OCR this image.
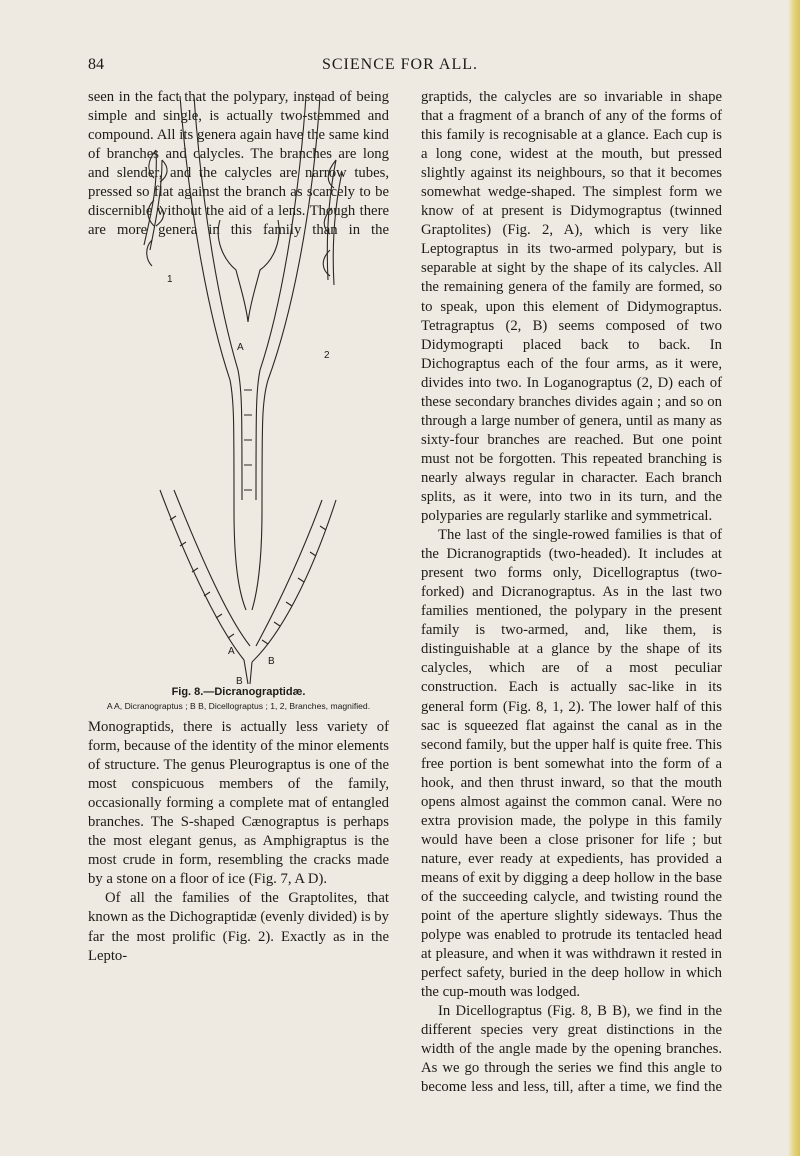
84	SCIENCE FOR ALL.

seen in the fact that the polypary, instead of being simple and single, is actually two-stemmed and compound. All its genera again have the same kind of branches and calycles. The branches are long and slender, and the calycles are narrow tubes, pressed so flat against the branch as scarcely to be discernible without the aid of a lens. Though there are more genera in this family than in the

1
2
A
A
B
B
Fig. 8.—Dicranograptidæ.
A A, Dicranograptus ; B B, Dicellograptus ; 1, 2, Branches, magnified.

Monograptids, there is actually less variety of form, because of the identity of the minor elements of structure. The genus Pleurograptus is one of the most conspicuous members of the family, occasionally forming a complete mat of entangled branches. The S-shaped Cænograptus is perhaps the most elegant genus, as Amphigraptus is the most crude in form, resembling the cracks made by a stone on a floor of ice (Fig. 7, A D).

Of all the families of the Graptolites, that known as the Dichograptidæ (evenly divided) is by far the most prolific (Fig. 2). Exactly as in the Lepto-

graptids, the calycles are so invariable in shape that a fragment of a branch of any of the forms of this family is recognisable at a glance. Each cup is a long cone, widest at the mouth, but pressed slightly against its neighbours, so that it becomes somewhat wedge-shaped. The simplest form we know of at present is Didymograptus (twinned Graptolites) (Fig. 2, A), which is very like Leptograptus in its two-armed polypary, but is separable at sight by the shape of its calycles. All the remaining genera of the family are formed, so to speak, upon this element of Didymograptus. Tetragraptus (2, B) seems composed of two Didymograpti placed back to back. In Dichograptus each of the four arms, as it were, divides into two. In Loganograptus (2, D) each of these secondary branches divides again ; and so on through a large number of genera, until as many as sixty-four branches are reached. But one point must not be forgotten. This repeated branching is nearly always regular in character. Each branch splits, as it were, into two in its turn, and the polyparies are regularly starlike and symmetrical.

The last of the single-rowed families is that of the Dicranograptids (two-headed). It includes at present two forms only, Dicellograptus (two-forked) and Dicranograptus. As in the last two families mentioned, the polypary in the present family is two-armed, and, like them, is distinguishable at a glance by the shape of its calycles, which are of a most peculiar construction. Each is actually sac-like in its general form (Fig. 8, 1, 2). The lower half of this sac is squeezed flat against the canal as in the second family, but the upper half is quite free. This free portion is bent somewhat into the form of a hook, and then thrust inward, so that the mouth opens almost against the common canal. Were no extra provision made, the polype in this family would have been a close prisoner for life ; but nature, ever ready at expedients, has provided a means of exit by digging a deep hollow in the base of the succeeding calycle, and twisting round the point of the aperture slightly sideways. Thus the polype was enabled to protrude its tentacled head at pleasure, and when it was withdrawn it rested in perfect safety, buried in the deep hollow in which the cup-mouth was lodged.

In Dicellograptus (Fig. 8, B B), we find in the different species very great distinctions in the width of the angle made by the opening branches. As we go through the series we find this angle to become less and less, till, after a time, we find the
